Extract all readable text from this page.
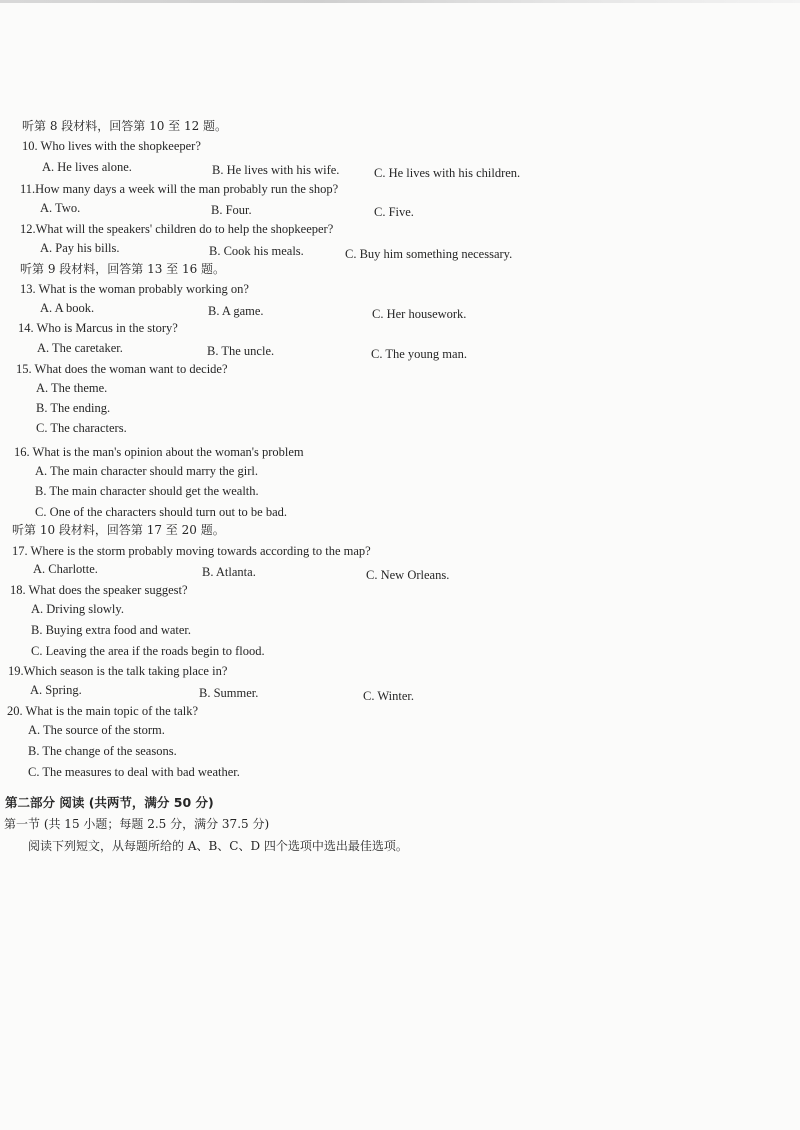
听第 8 段材料，回答第 10 至 12 题。
10. Who lives with the shopkeeper?
A. He lives alone.	B. He lives with his wife.	C. He lives with his children.
11.How many days a week will the man probably run the shop?
A. Two.	B. Four.	C. Five.
12.What will the speakers' children do to help the shopkeeper?
A. Pay his bills.	B. Cook his meals.	C. Buy him something necessary.
听第 9 段材料，回答第 13 至 16 题。
13. What is the woman probably working on?
A. A book.	B. A game.	C. Her housework.
14. Who is Marcus in the story?
A. The caretaker.	B. The uncle.	C. The young man.
15. What does the woman want to decide?
A. The theme.
B. The ending.
C. The characters.
16. What is the man's opinion about the woman's problem
A. The main character should marry the girl.
B. The main character should get the wealth.
C. One of the characters should turn out to be bad.
听第 10 段材料，回答第 17 至 20 题。
17. Where is the storm probably moving towards according to the map?
A. Charlotte.	B. Atlanta.	C. New Orleans.
18. What does the speaker suggest?
A. Driving slowly.
B. Buying extra food and water.
C. Leaving the area if the roads begin to flood.
19.Which season is the talk taking place in?
A. Spring.	B. Summer.	C. Winter.
20. What is the main topic of the talk?
A. The source of the storm.
B. The change of the seasons.
C. The measures to deal with bad weather.
第二部分 阅读 (共两节，满分 50 分)
第一节 (共 15 小题；每题 2.5 分，满分 37.5 分)
阅读下列短文，从每题所给的 A、B、C、D 四个选项中选出最佳选项。
